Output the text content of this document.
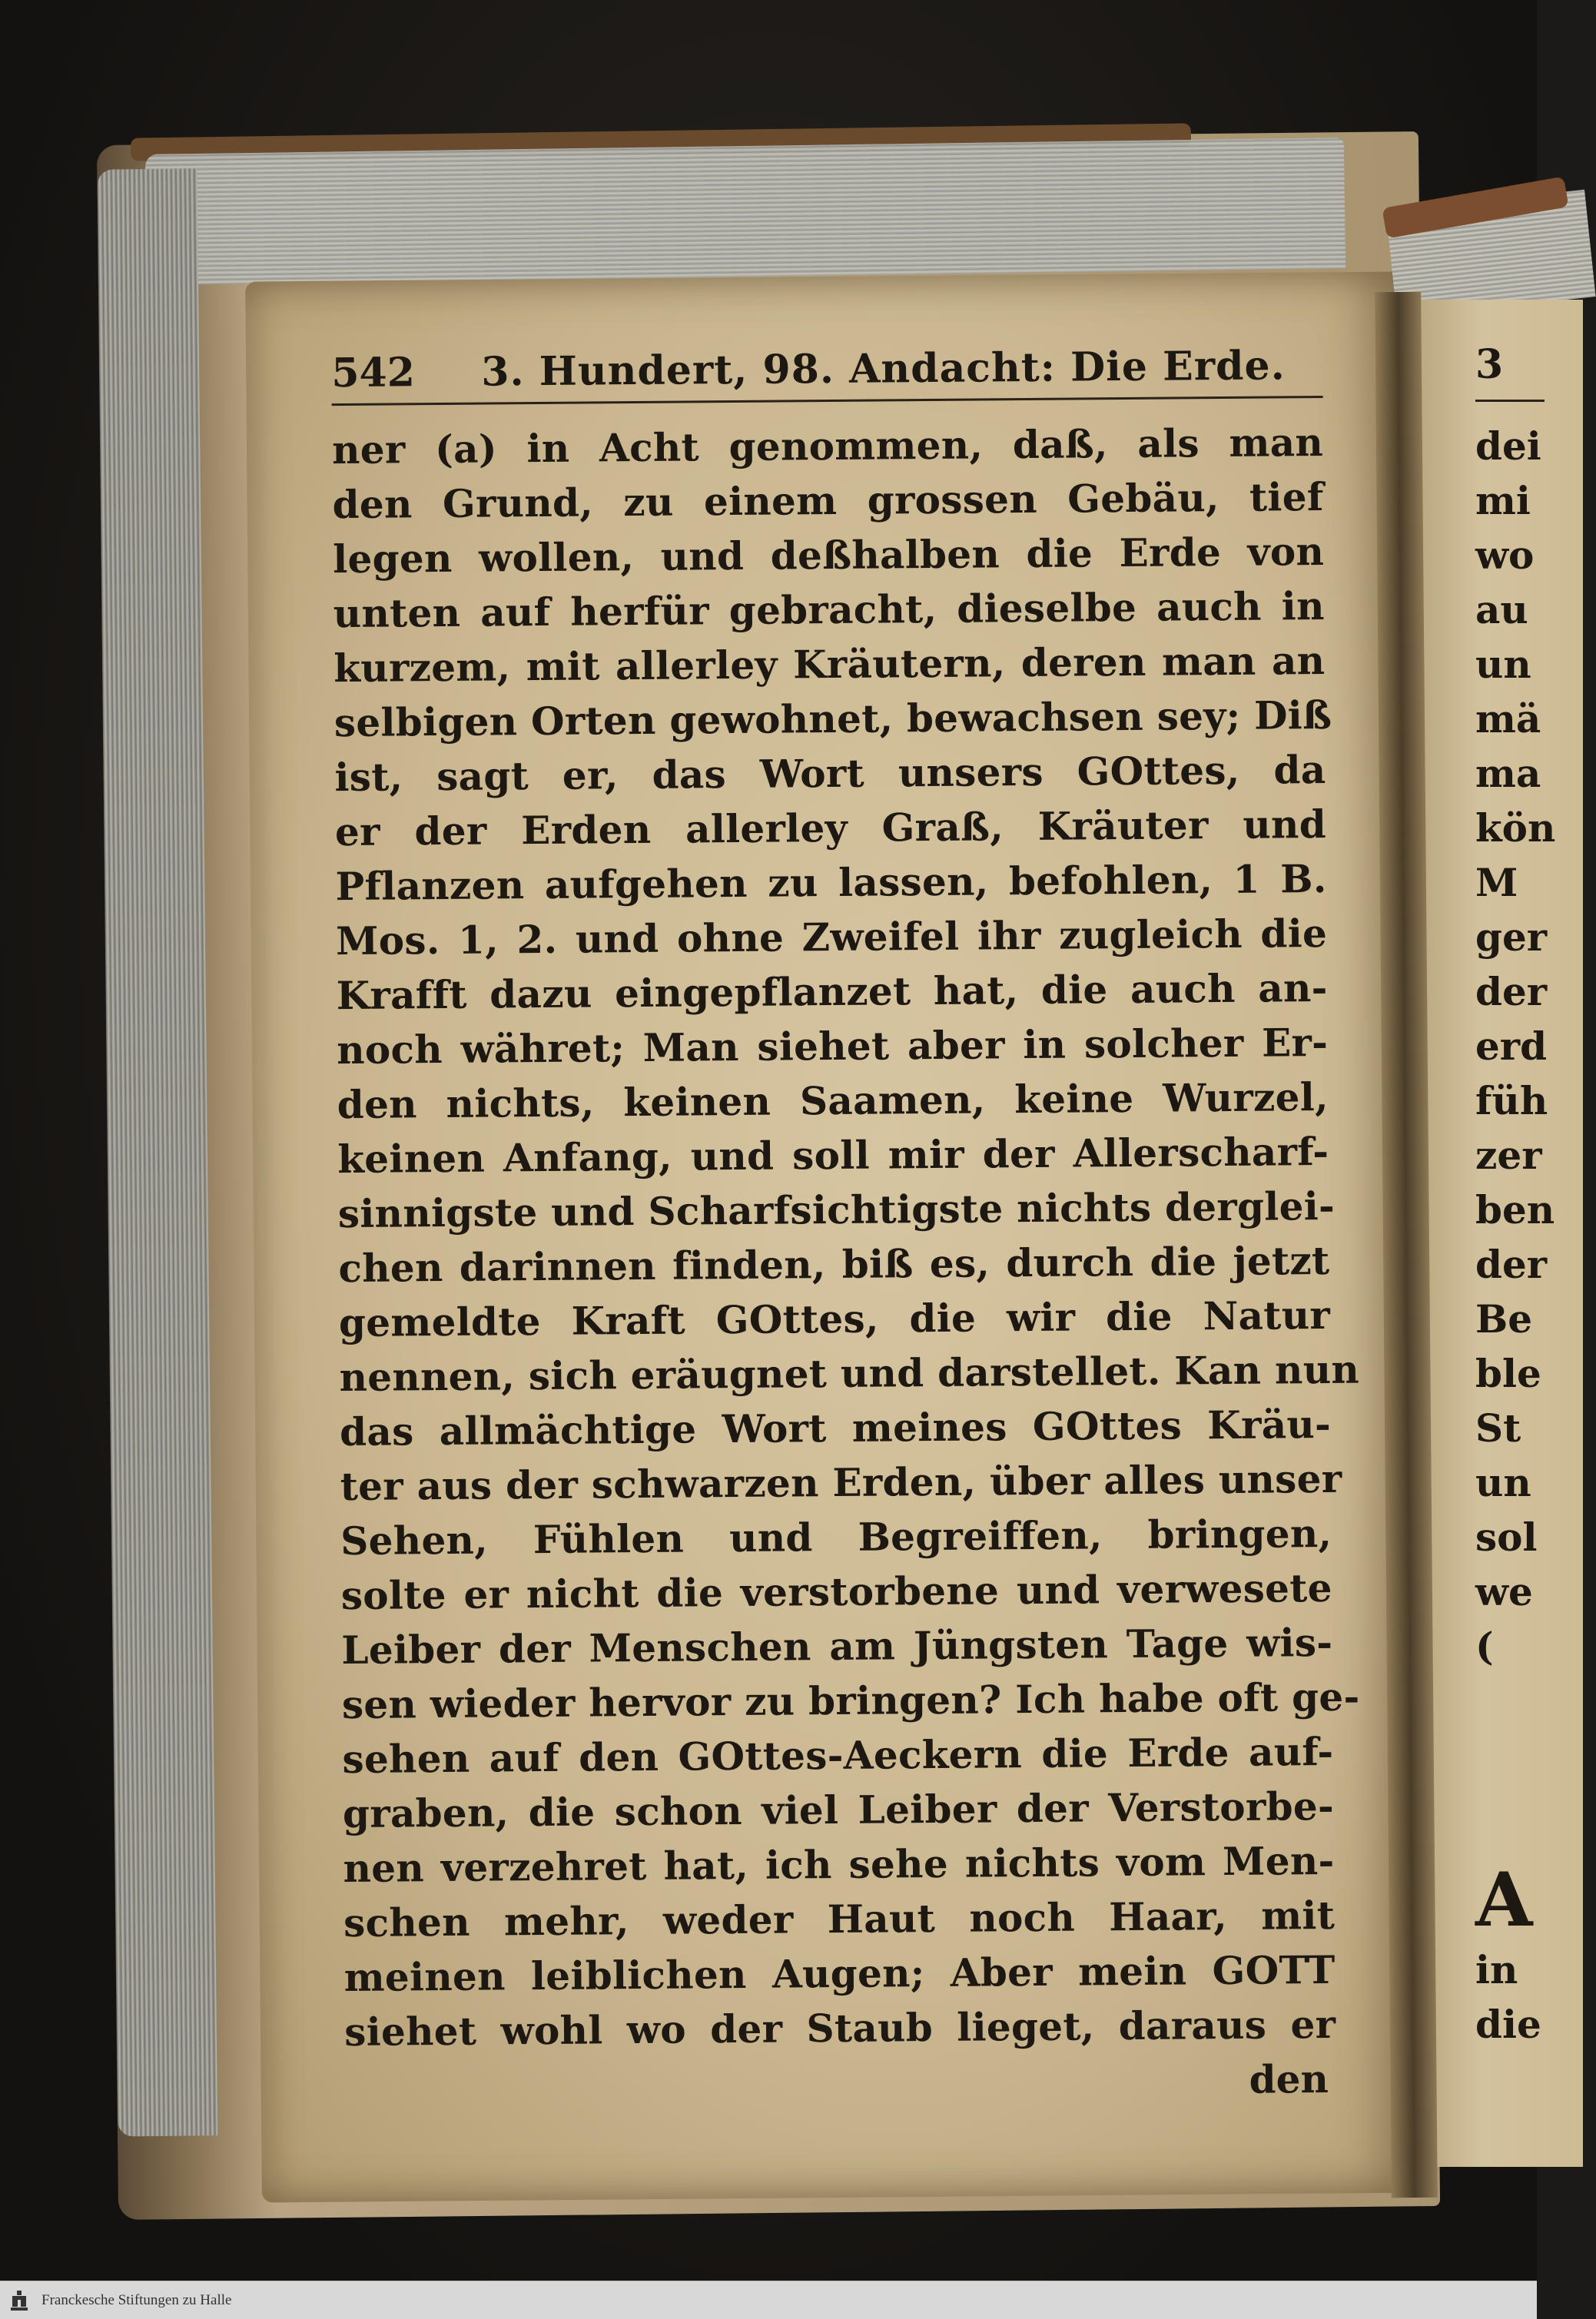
542 3. Hundert, 98. Andacht: Die Erde.
ner (a) in Acht genommen, daß, als man
den Grund, zu einem grossen Gebäu, tief
legen wollen, und deßhalben die Erde von
unten auf herfür gebracht, dieselbe auch in
kurzem, mit allerley Kräutern, deren man an
selbigen Orten gewohnet, bewachsen sey; Diß
ist, sagt er, das Wort unsers GOttes, da
er der Erden allerley Graß, Kräuter und
Pflanzen aufgehen zu lassen, befohlen, 1 B.
Mos. 1, 2. und ohne Zweifel ihr zugleich die
Krafft dazu eingepflanzet hat, die auch an-
noch währet; Man siehet aber in solcher Er-
den nichts, keinen Saamen, keine Wurzel,
keinen Anfang, und soll mir der Allerscharf-
sinnigste und Scharfsichtigste nichts derglei-
chen darinnen finden, biß es, durch die jetzt
gemeldte Kraft GOttes, die wir die Natur
nennen, sich eräugnet und darstellet. Kan nun
das allmächtige Wort meines GOttes Kräu-
ter aus der schwarzen Erden, über alles unser
Sehen, Fühlen und Begreiffen, bringen,
solte er nicht die verstorbene und verwesete
Leiber der Menschen am Jüngsten Tage wis-
sen wieder hervor zu bringen? Ich habe oft ge-
sehen auf den GOttes-Aeckern die Erde auf-
graben, die schon viel Leiber der Verstorbe-
nen verzehret hat, ich sehe nichts vom Men-
schen mehr, weder Haut noch Haar, mit
meinen leiblichen Augen; Aber mein GOTT
siehet wohl wo der Staub lieget, daraus er
den
3
dei
mi
wo
au
un
mä
ma
kön
M
ger
der
erd
füh
zer
ben
der
Be
ble
St
un
sol
we
(
A
in
die
Franckesche Stiftungen zu Halle
